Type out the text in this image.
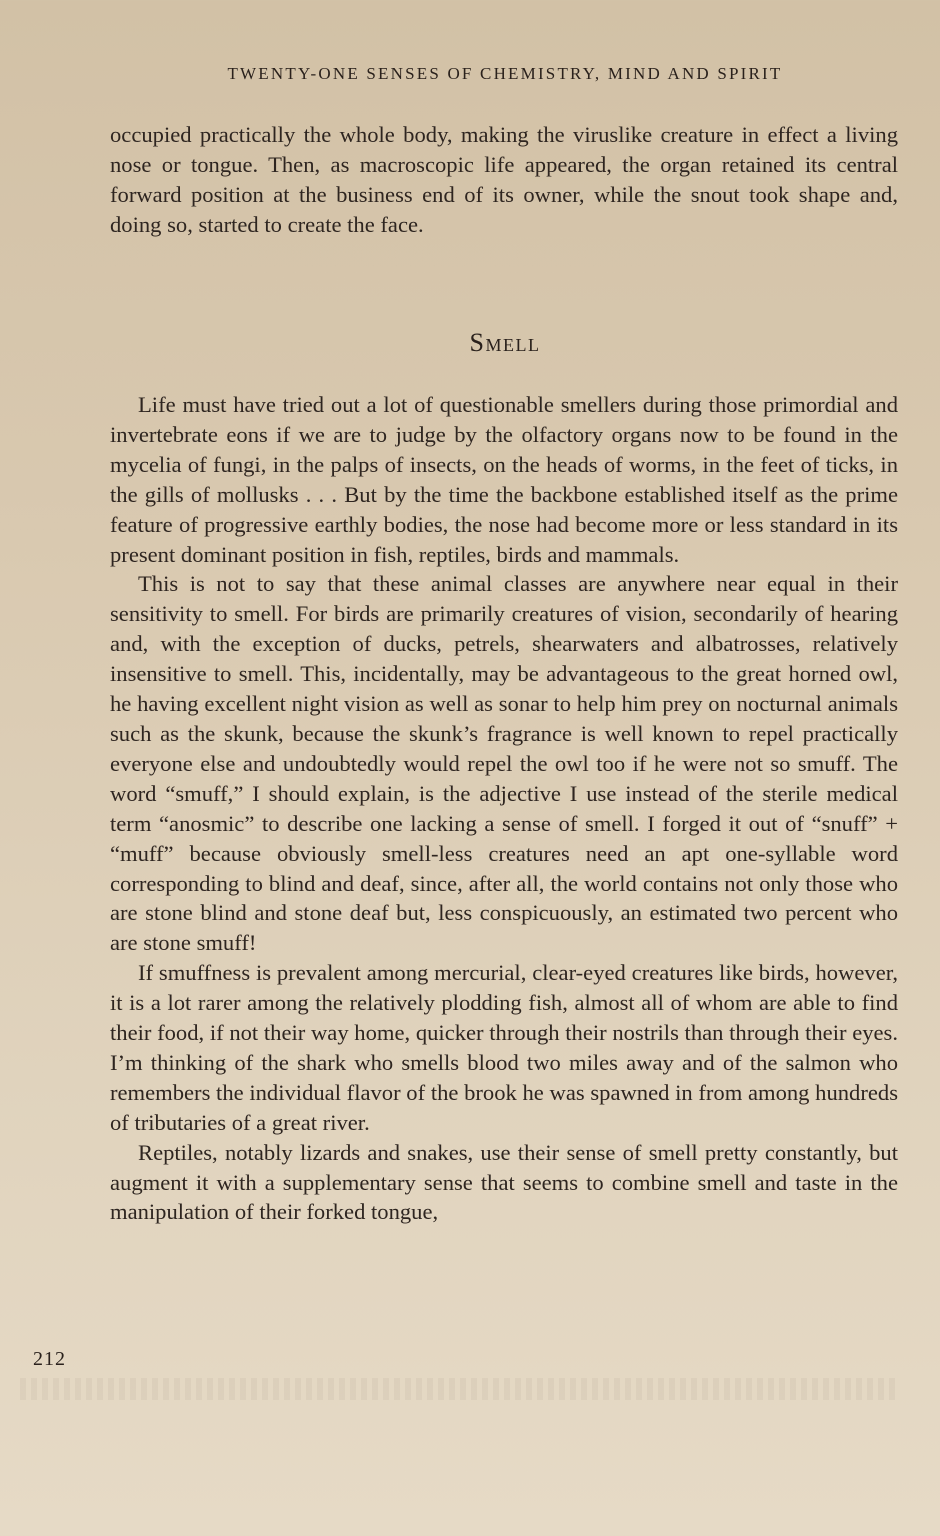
TWENTY-ONE SENSES OF CHEMISTRY, MIND AND SPIRIT

occupied practically the whole body, making the viruslike creature in effect a living nose or tongue. Then, as macroscopic life appeared, the organ retained its central forward position at the business end of its owner, while the snout took shape and, doing so, started to create the face.

Smell

Life must have tried out a lot of questionable smellers during those primordial and invertebrate eons if we are to judge by the olfactory organs now to be found in the mycelia of fungi, in the palps of insects, on the heads of worms, in the feet of ticks, in the gills of mollusks . . . But by the time the backbone established itself as the prime feature of progressive earthly bodies, the nose had become more or less standard in its present dominant position in fish, reptiles, birds and mammals.

This is not to say that these animal classes are anywhere near equal in their sensitivity to smell. For birds are primarily creatures of vision, secondarily of hearing and, with the exception of ducks, petrels, shearwaters and albatrosses, relatively insensitive to smell. This, incidentally, may be advantageous to the great horned owl, he having excellent night vision as well as sonar to help him prey on nocturnal animals such as the skunk, because the skunk’s fragrance is well known to repel practically everyone else and undoubtedly would repel the owl too if he were not so smuff. The word “smuff,” I should explain, is the adjective I use instead of the sterile medical term “anosmic” to describe one lacking a sense of smell. I forged it out of “snuff” + “muff” because obviously smell-less creatures need an apt one-syllable word corresponding to blind and deaf, since, after all, the world contains not only those who are stone blind and stone deaf but, less conspicuously, an estimated two percent who are stone smuff!

If smuffness is prevalent among mercurial, clear-eyed creatures like birds, however, it is a lot rarer among the relatively plodding fish, almost all of whom are able to find their food, if not their way home, quicker through their nostrils than through their eyes. I’m thinking of the shark who smells blood two miles away and of the salmon who remembers the individual flavor of the brook he was spawned in from among hundreds of tributaries of a great river.

Reptiles, notably lizards and snakes, use their sense of smell pretty constantly, but augment it with a supplementary sense that seems to combine smell and taste in the manipulation of their forked tongue,

212
